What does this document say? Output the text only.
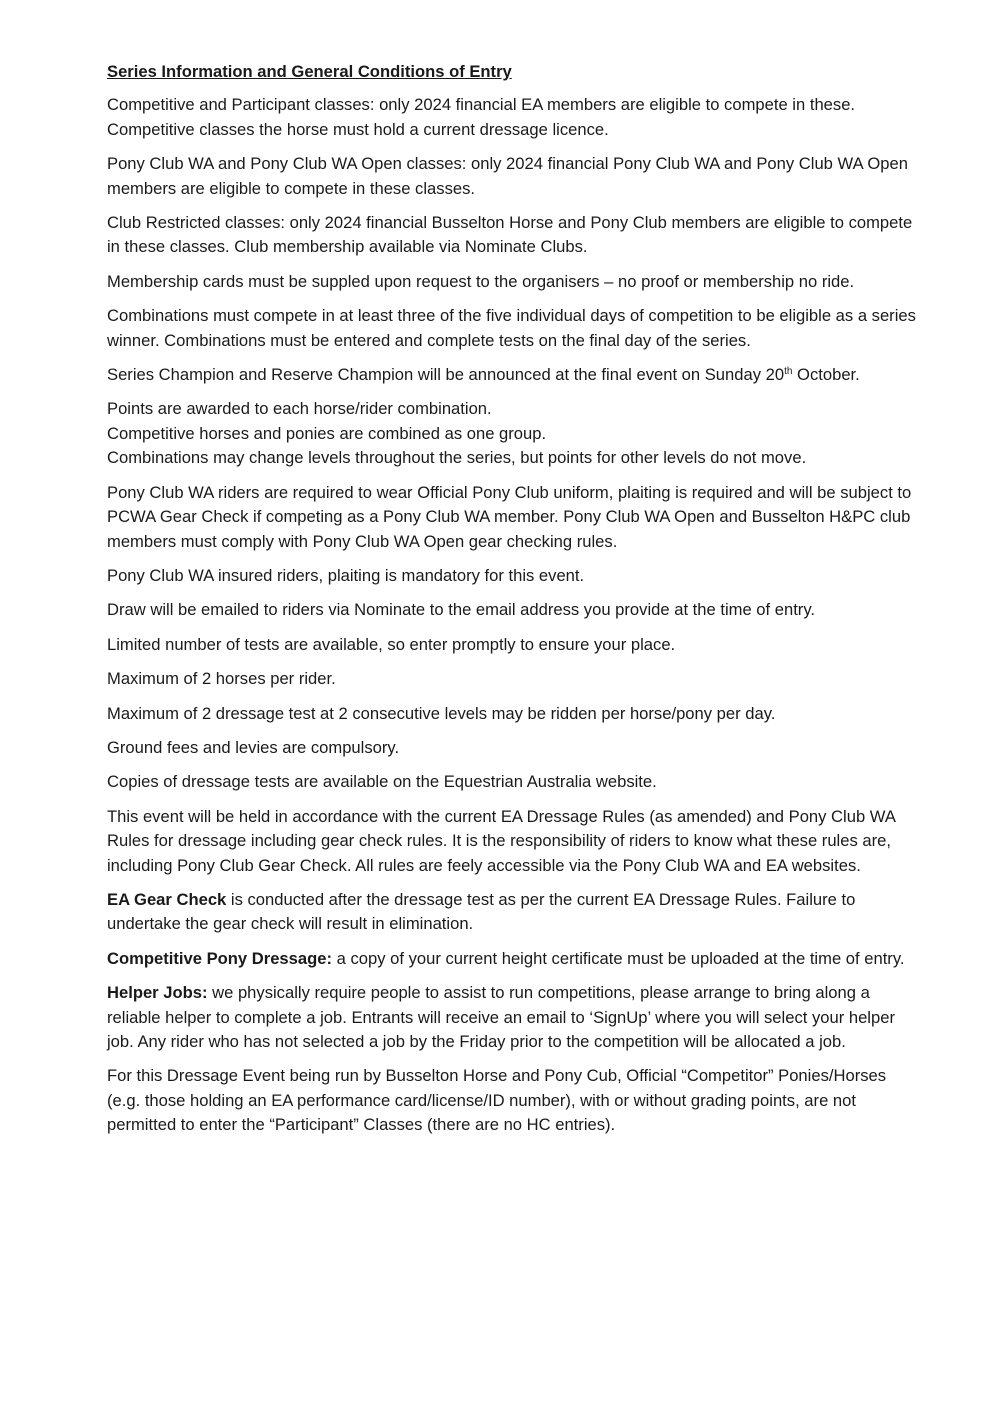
Series Information and General Conditions of Entry

Competitive and Participant classes: only 2024 financial EA members are eligible to compete in these. Competitive classes the horse must hold a current dressage licence.

Pony Club WA and Pony Club WA Open classes: only 2024 financial Pony Club WA and Pony Club WA Open members are eligible to compete in these classes.

Club Restricted classes: only 2024 financial Busselton Horse and Pony Club members are eligible to compete in these classes. Club membership available via Nominate Clubs.

Membership cards must be suppled upon request to the organisers – no proof or membership no ride.

Combinations must compete in at least three of the five individual days of competition to be eligible as a series winner. Combinations must be entered and complete tests on the final day of the series.

Series Champion and Reserve Champion will be announced at the final event on Sunday 20th October.

Points are awarded to each horse/rider combination.
Competitive horses and ponies are combined as one group.
Combinations may change levels throughout the series, but points for other levels do not move.

Pony Club WA riders are required to wear Official Pony Club uniform, plaiting is required and will be subject to PCWA Gear Check if competing as a Pony Club WA member. Pony Club WA Open and Busselton H&PC club members must comply with Pony Club WA Open gear checking rules.

Pony Club WA insured riders, plaiting is mandatory for this event.

Draw will be emailed to riders via Nominate to the email address you provide at the time of entry.

Limited number of tests are available, so enter promptly to ensure your place.

Maximum of 2 horses per rider.

Maximum of 2 dressage test at 2 consecutive levels may be ridden per horse/pony per day.

Ground fees and levies are compulsory.

Copies of dressage tests are available on the Equestrian Australia website.

This event will be held in accordance with the current EA Dressage Rules (as amended) and Pony Club WA Rules for dressage including gear check rules. It is the responsibility of riders to know what these rules are, including Pony Club Gear Check. All rules are feely accessible via the Pony Club WA and EA websites.

EA Gear Check is conducted after the dressage test as per the current EA Dressage Rules. Failure to undertake the gear check will result in elimination.

Competitive Pony Dressage: a copy of your current height certificate must be uploaded at the time of entry.

Helper Jobs: we physically require people to assist to run competitions, please arrange to bring along a reliable helper to complete a job. Entrants will receive an email to ‘SignUp’ where you will select your helper job. Any rider who has not selected a job by the Friday prior to the competition will be allocated a job.

For this Dressage Event being run by Busselton Horse and Pony Cub, Official “Competitor” Ponies/Horses (e.g. those holding an EA performance card/license/ID number), with or without grading points, are not permitted to enter the “Participant” Classes (there are no HC entries).
